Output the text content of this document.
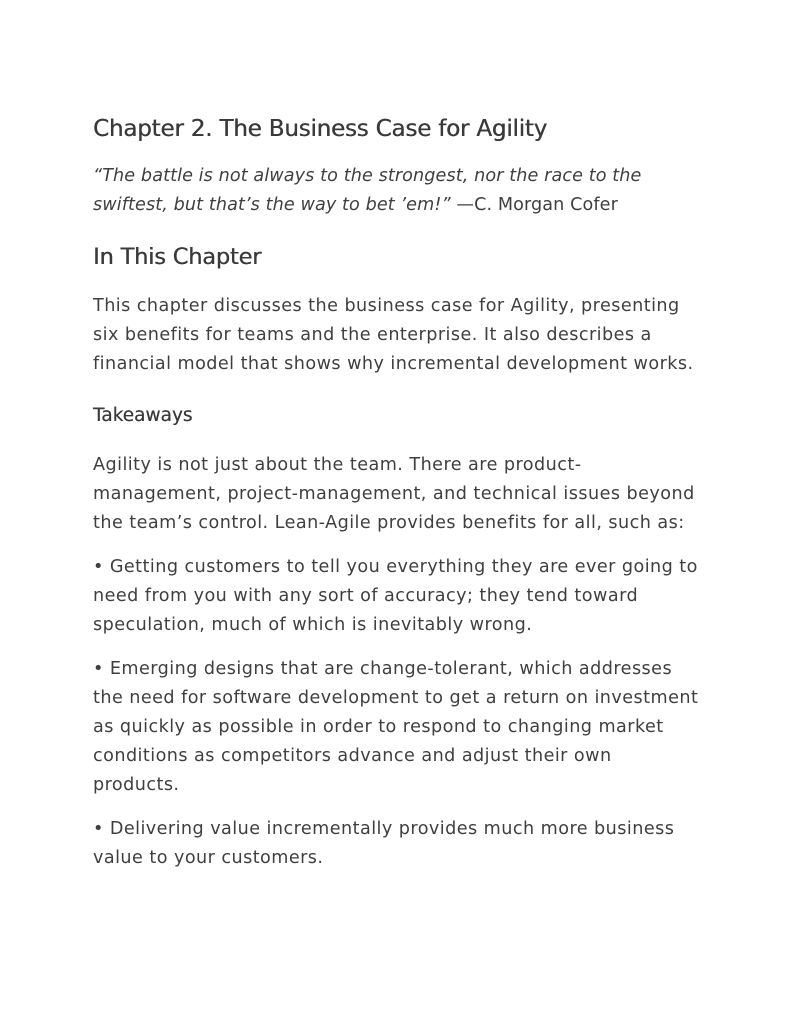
Chapter 2. The Business Case for Agility

“The battle is not always to the strongest, nor the race to the swiftest, but that’s the way to bet ’em!” —C. Morgan Cofer

In This Chapter

This chapter discusses the business case for Agility, presenting six benefits for teams and the enterprise. It also describes a financial model that shows why incremental development works.

Takeaways

Agility is not just about the team. There are product-management, project-management, and technical issues beyond the team’s control. Lean-Agile provides benefits for all, such as:

• Getting customers to tell you everything they are ever going to need from you with any sort of accuracy; they tend toward speculation, much of which is inevitably wrong.
• Emerging designs that are change-tolerant, which addresses the need for software development to get a return on investment as quickly as possible in order to respond to changing market conditions as competitors advance and adjust their own products.
• Delivering value incrementally provides much more business value to your customers.
